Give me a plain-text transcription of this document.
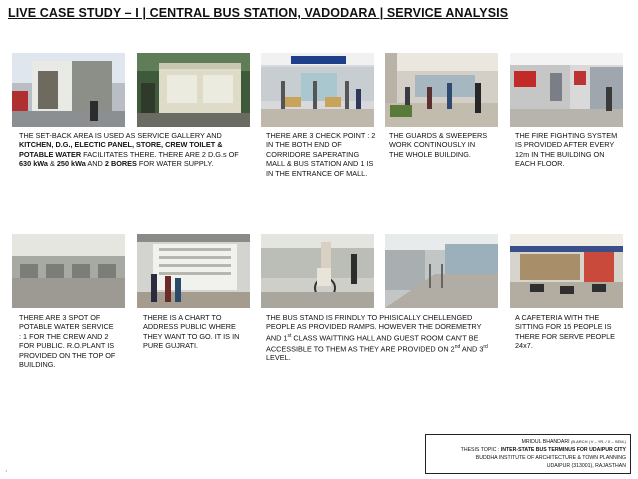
LIVE CASE STUDY – I | CENTRAL BUS STATION, VADODARA | SERVICE ANALYSIS
THE SET-BACK AREA IS USED AS SERVICE GALLERY AND KITCHEN, D.G., ELECTIC PANEL, STORE, CREW TOILET & POTABLE WATER FACILITATES THERE. THERE ARE 2 D.G.s OF 630 kWa & 250 kWa AND 2 BORES FOR WATER SUPPLY.
THERE ARE 3 CHECK POINT : 2 IN THE BOTH END OF CORRIDORE SAPERATING MALL & BUS STATION AND 1 IS IN THE ENTRANCE OF MALL.
THE GUARDS & SWEEPERS WORK CONTINOUSLY IN THE WHOLE BUILDING.
THE FIRE FIGHTING SYSTEM IS PROVIDED AFTER EVERY 12m IN THE BUILDING ON EACH FLOOR.
THERE ARE 3 SPOT OF POTABLE WATER SERVICE : 1 FOR THE CREW AND 2 FOR PUBLIC. R.O.PLANT IS PROVIDED ON THE TOP OF BUILDING.
THERE IS A CHART TO ADDRESS PUBLIC WHERE THEY WANT TO GO. IT IS IN PURE GUJRATI.
THE BUS STAND IS FRINDLY TO PHISICALLY CHELLENGED PEOPLE AS PROVIDED RAMPS. HOWEVER THE DOREMETRY AND 1st CLASS WAITTING HALL AND GUEST ROOM CAN'T BE ACCESSIBLE TO THEM AS THEY ARE PROVIDED ON 2nd AND 3rd LEVEL.
A CAFETERIA WITH THE SITTING FOR 15 PEOPLE IS THERE FOR SERVE PEOPLE 24x7.
MRIDUL BHANDARI (B.ARCH | V – YR. / X – SEM.)
THESIS TOPIC : INTER-STATE BUS TERMINUS FOR UDAIPUR CITY
BUDDHA INSTITUTE OF ARCHITECTURE & TOWN PLANNING
UDAIPUR (313001), RAJASTHAN
1
